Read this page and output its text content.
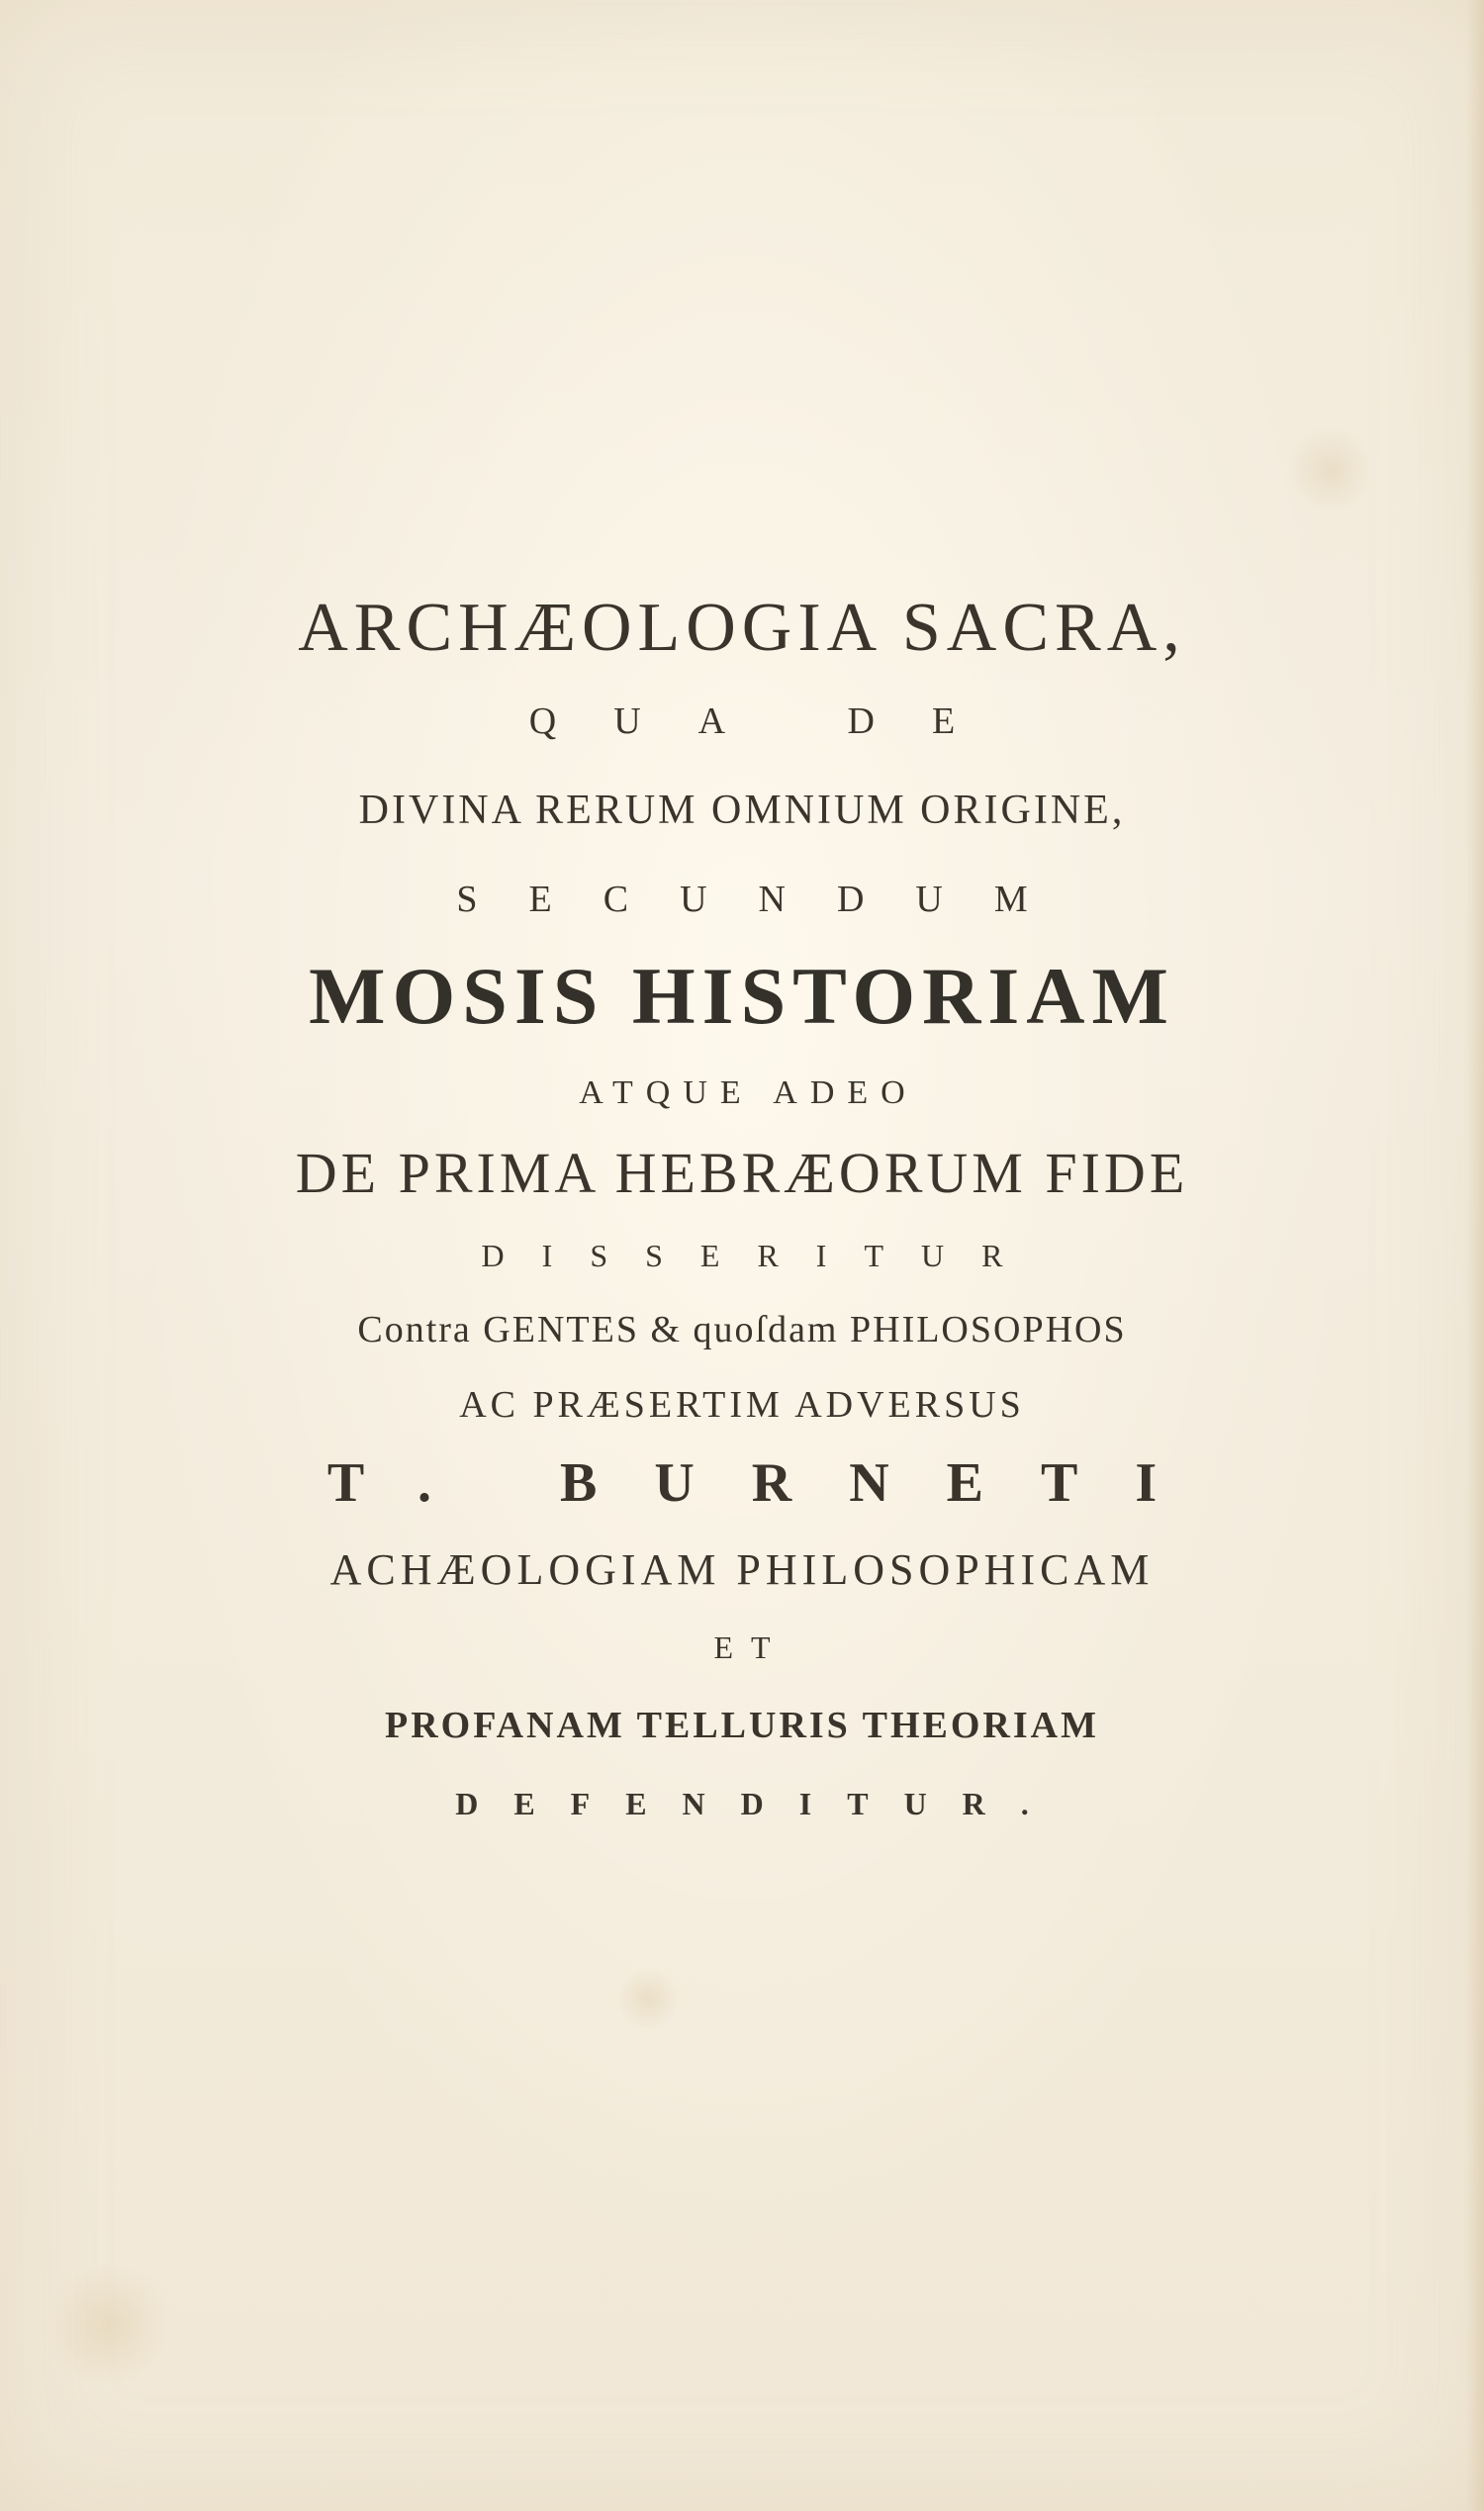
ARCHÆOLOGIA SACRA,
QUA DE
DIVINA RERUM OMNIUM ORIGINE,
SECUNDUM
MOSIS HISTORIAM
ATQUE ADEO
DE PRIMA HEBRÆORUM FIDE
DISSERITUR
Contra GENTES & quoſdam PHILOSOPHOS
AC PRÆSERTIM ADVERSUS
T. BURNETI
ACHÆOLOGIAM PHILOSOPHICAM
ET
PROFANAM TELLURIS THEORIAM
DEFENDITUR.
